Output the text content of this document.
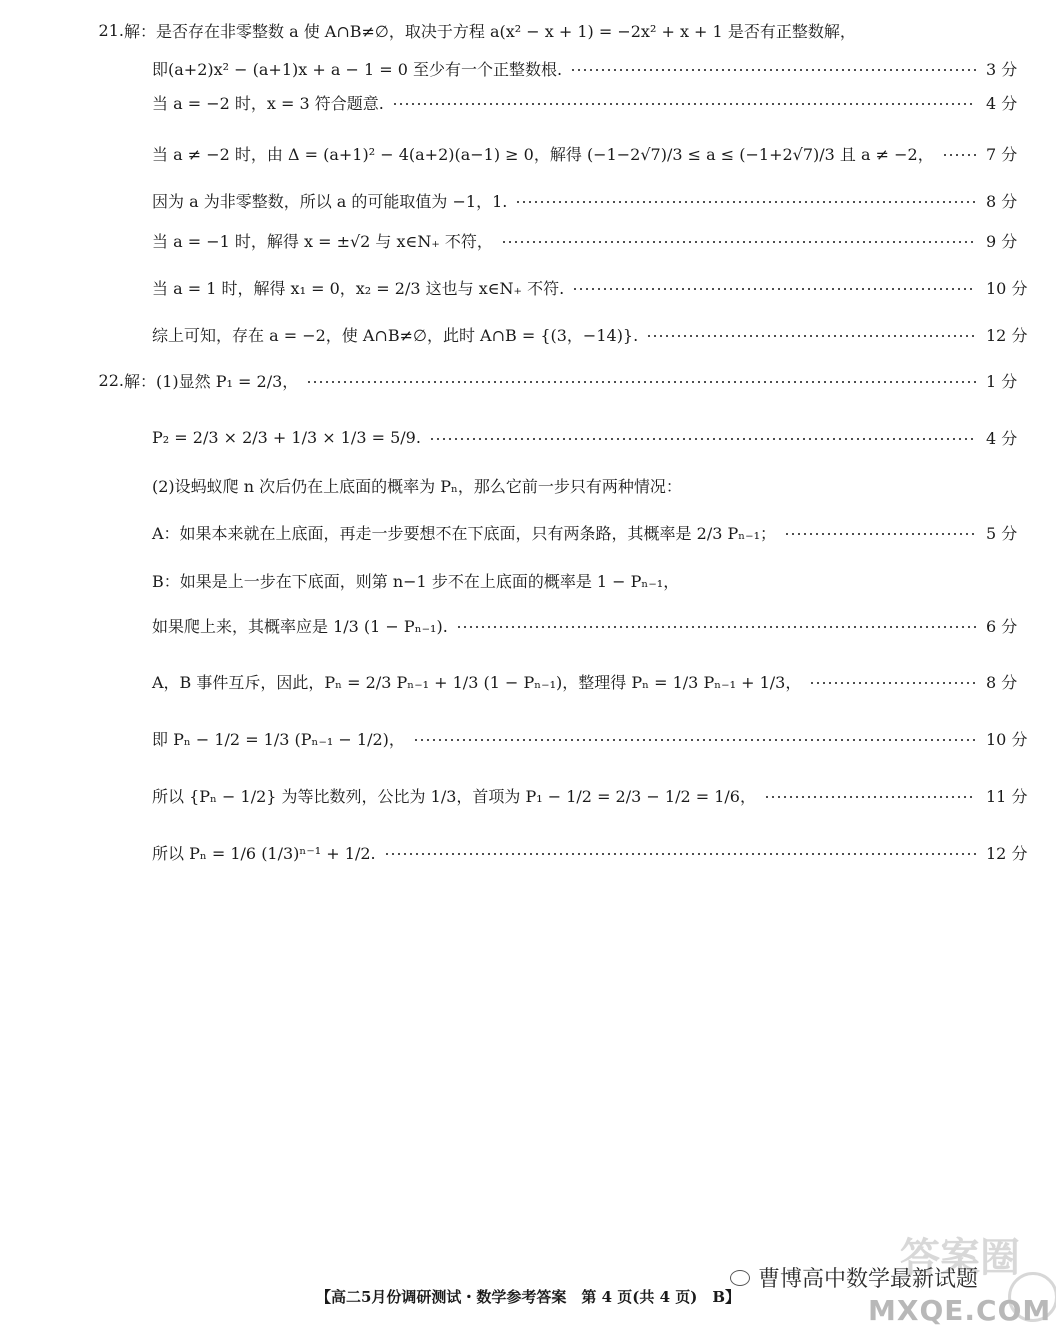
21. 解：是否存在非零整数 a 使 A∩B≠∅，取决于方程 a(x² − x + 1) = −2x² + x + 1 是否有正整数解，
即(a+2)x² − (a+1)x + a − 1 = 0 至少有一个正整数根.	3 分
当 a = −2 时，x = 3 符合题意.	4 分
当 a ≠ −2 时，由 Δ = (a+1)² − 4(a+2)(a−1) ≥ 0，解得 (−1−2√7)/3 ≤ a ≤ (−1+2√7)/3 且 a ≠ −2，	7 分
因为 a 为非零整数，所以 a 的可能取值为 −1，1.	8 分
当 a = −1 时，解得 x = ±√2 与 x∈N₊ 不符，	9 分
当 a = 1 时，解得 x₁ = 0，x₂ = 2/3 这也与 x∈N₊ 不符.	10 分
综上可知，存在 a = −2，使 A∩B≠∅，此时 A∩B = {(3，−14)}.	12 分
22. 解：(1)显然 P₁ = 2/3，	1 分
P₂ = 2/3 × 2/3 + 1/3 × 1/3 = 5/9.	4 分
(2)设蚂蚁爬 n 次后仍在上底面的概率为 Pₙ，那么它前一步只有两种情况：
A：如果本来就在上底面，再走一步要想不在下底面，只有两条路，其概率是 2/3 Pₙ₋₁；	5 分
B：如果是上一步在下底面，则第 n−1 步不在上底面的概率是 1 − Pₙ₋₁，
如果爬上来，其概率应是 1/3 (1 − Pₙ₋₁).	6 分
A，B 事件互斥，因此，Pₙ = 2/3 Pₙ₋₁ + 1/3 (1 − Pₙ₋₁)，整理得 Pₙ = 1/3 Pₙ₋₁ + 1/3，	8 分
即 Pₙ − 1/2 = 1/3 (Pₙ₋₁ − 1/2)，	10 分
所以 {Pₙ − 1/2} 为等比数列，公比为 1/3，首项为 P₁ − 1/2 = 2/3 − 1/2 = 1/6，	11 分
所以 Pₙ = 1/6 (1/3)ⁿ⁻¹ + 1/2.	12 分
答案圈
曹博高中数学最新试题
MXQE.COM
【高二5月份调研测试・数学参考答案　第 4 页(共 4 页)　B】
